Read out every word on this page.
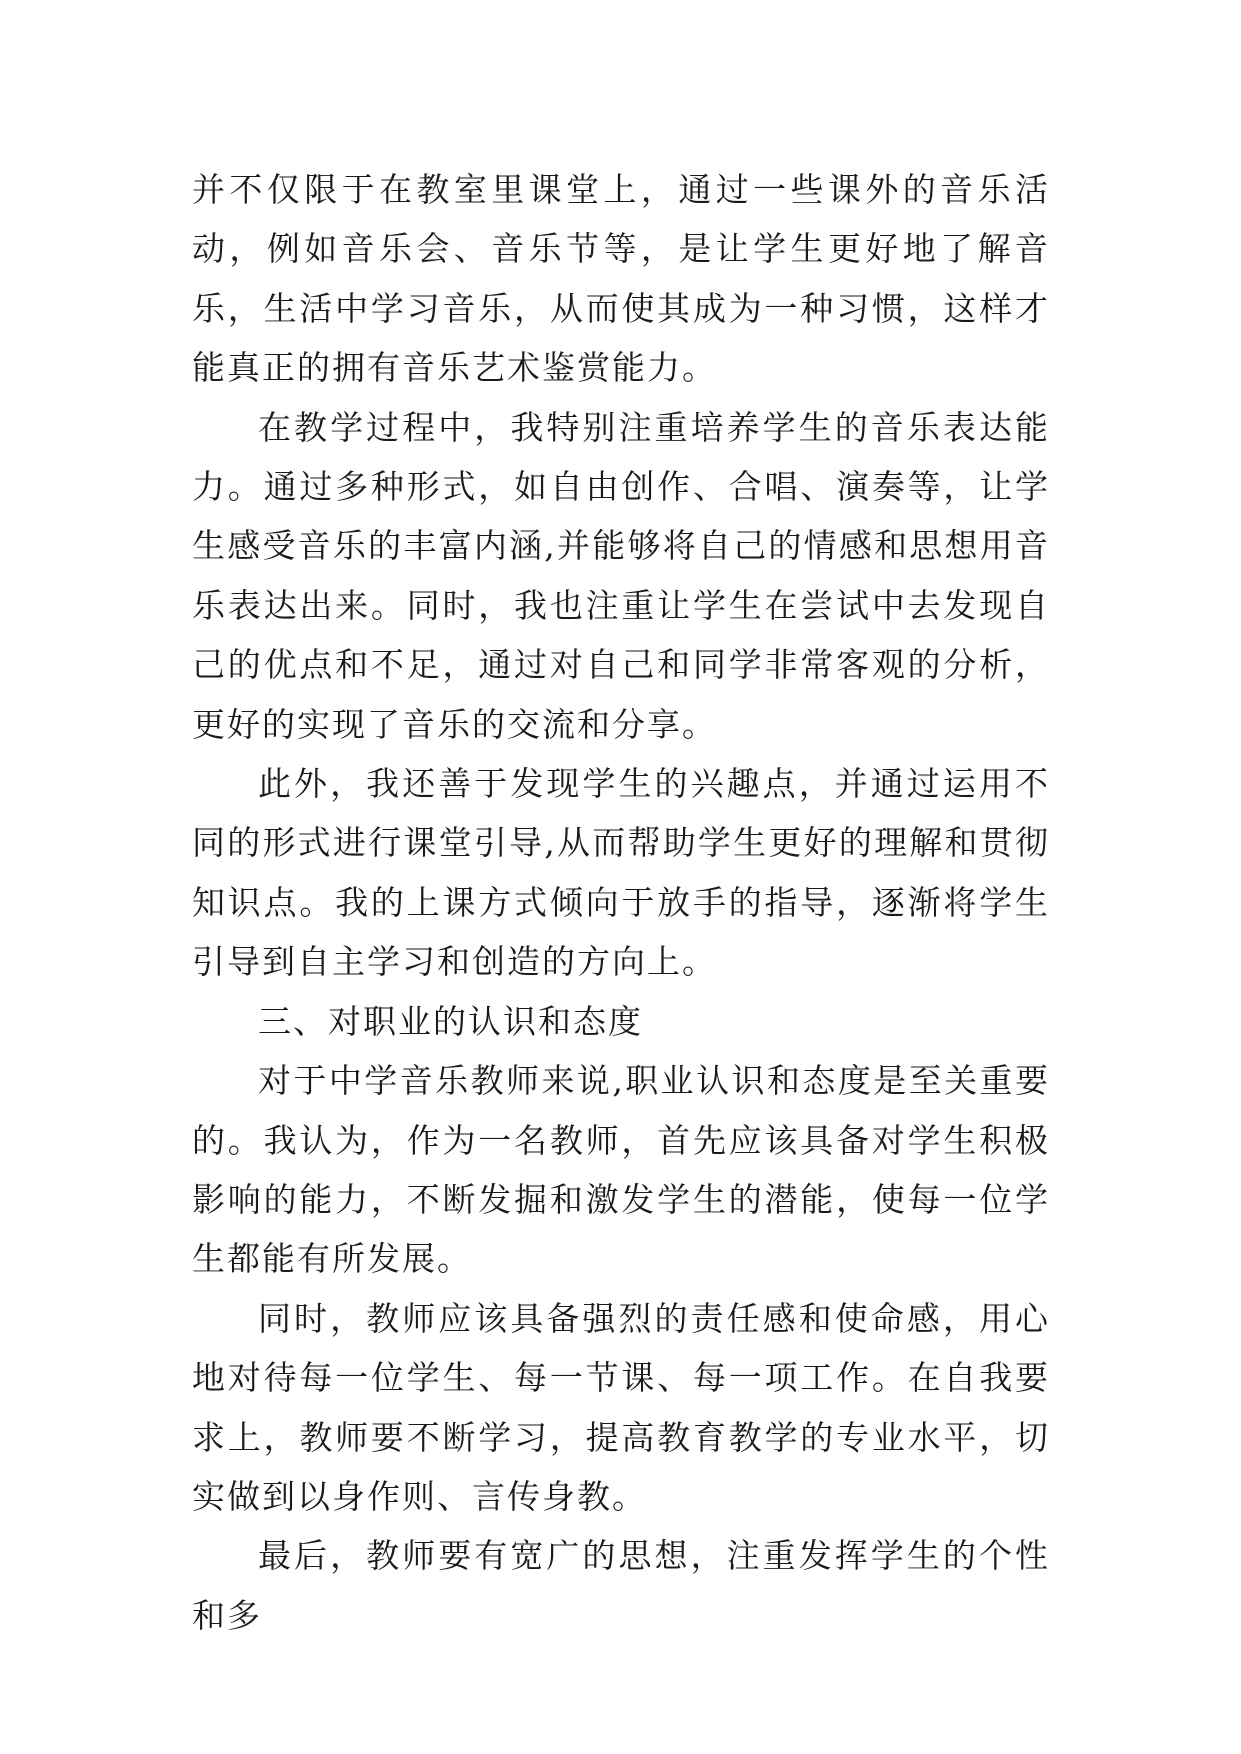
并不仅限于在教室里课堂上，通过一些课外的音乐活动，例如音乐会、音乐节等，是让学生更好地了解音乐，生活中学习音乐，从而使其成为一种习惯，这样才能真正的拥有音乐艺术鉴赏能力。

在教学过程中，我特别注重培养学生的音乐表达能力。通过多种形式，如自由创作、合唱、演奏等，让学生感受音乐的丰富内涵,并能够将自己的情感和思想用音乐表达出来。同时，我也注重让学生在尝试中去发现自己的优点和不足，通过对自己和同学非常客观的分析，更好的实现了音乐的交流和分享。

此外，我还善于发现学生的兴趣点，并通过运用不同的形式进行课堂引导,从而帮助学生更好的理解和贯彻知识点。我的上课方式倾向于放手的指导，逐渐将学生引导到自主学习和创造的方向上。

三、对职业的认识和态度

对于中学音乐教师来说,职业认识和态度是至关重要的。我认为，作为一名教师，首先应该具备对学生积极影响的能力，不断发掘和激发学生的潜能，使每一位学生都能有所发展。

同时，教师应该具备强烈的责任感和使命感，用心地对待每一位学生、每一节课、每一项工作。在自我要求上，教师要不断学习，提高教育教学的专业水平，切实做到以身作则、言传身教。

最后，教师要有宽广的思想，注重发挥学生的个性和多
